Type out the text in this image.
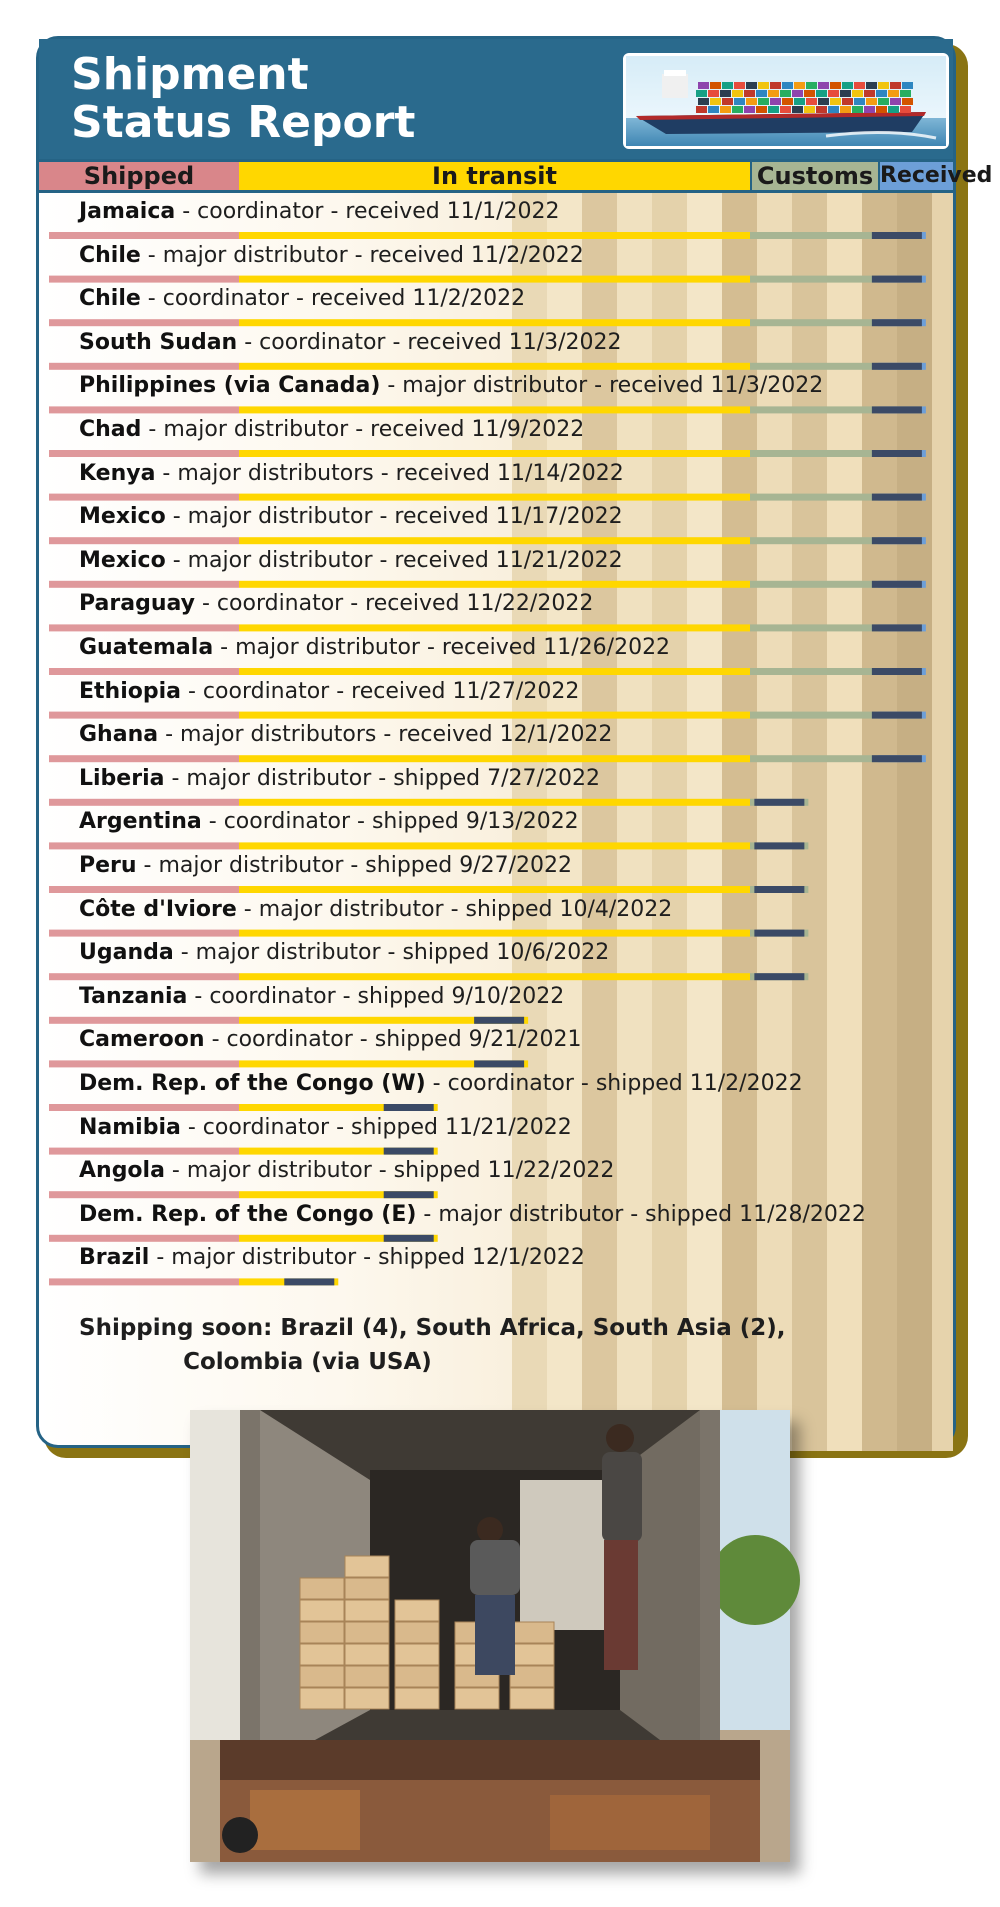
Shipment
Status Report
Shipped	In transit	Customs Received
Jamaica - coordinator - received 11/1/2022
Chile - major distributor - received 11/2/2022
Chile - coordinator - received 11/2/2022
South Sudan - coordinator - received 11/3/2022
Philippines (via Canada) - major distributor - received 11/3/2022
Chad - major distributor - received 11/9/2022
Kenya - major distributors - received 11/14/2022
Mexico - major distributor - received 11/17/2022
Mexico - major distributor - received 11/21/2022
Paraguay - coordinator - received 11/22/2022
Guatemala - major distributor - received 11/26/2022
Ethiopia - coordinator - received 11/27/2022
Ghana - major distributors - received 12/1/2022
Liberia - major distributor - shipped 7/27/2022
Argentina - coordinator - shipped 9/13/2022
Peru - major distributor - shipped 9/27/2022
Côte d'Iviore - major distributor - shipped 10/4/2022
Uganda - major distributor - shipped 10/6/2022
Tanzania - coordinator - shipped 9/10/2022
Cameroon - coordinator - shipped 9/21/2021
Dem. Rep. of the Congo (W) - coordinator - shipped 11/2/2022
Namibia - coordinator - shipped 11/21/2022
Angola - major distributor - shipped 11/22/2022
Dem. Rep. of the Congo (E) - major distributor - shipped 11/28/2022
Brazil - major distributor - shipped 12/1/2022
Shipping soon: Brazil (4), South Africa, South Asia (2),
Colombia (via USA)
